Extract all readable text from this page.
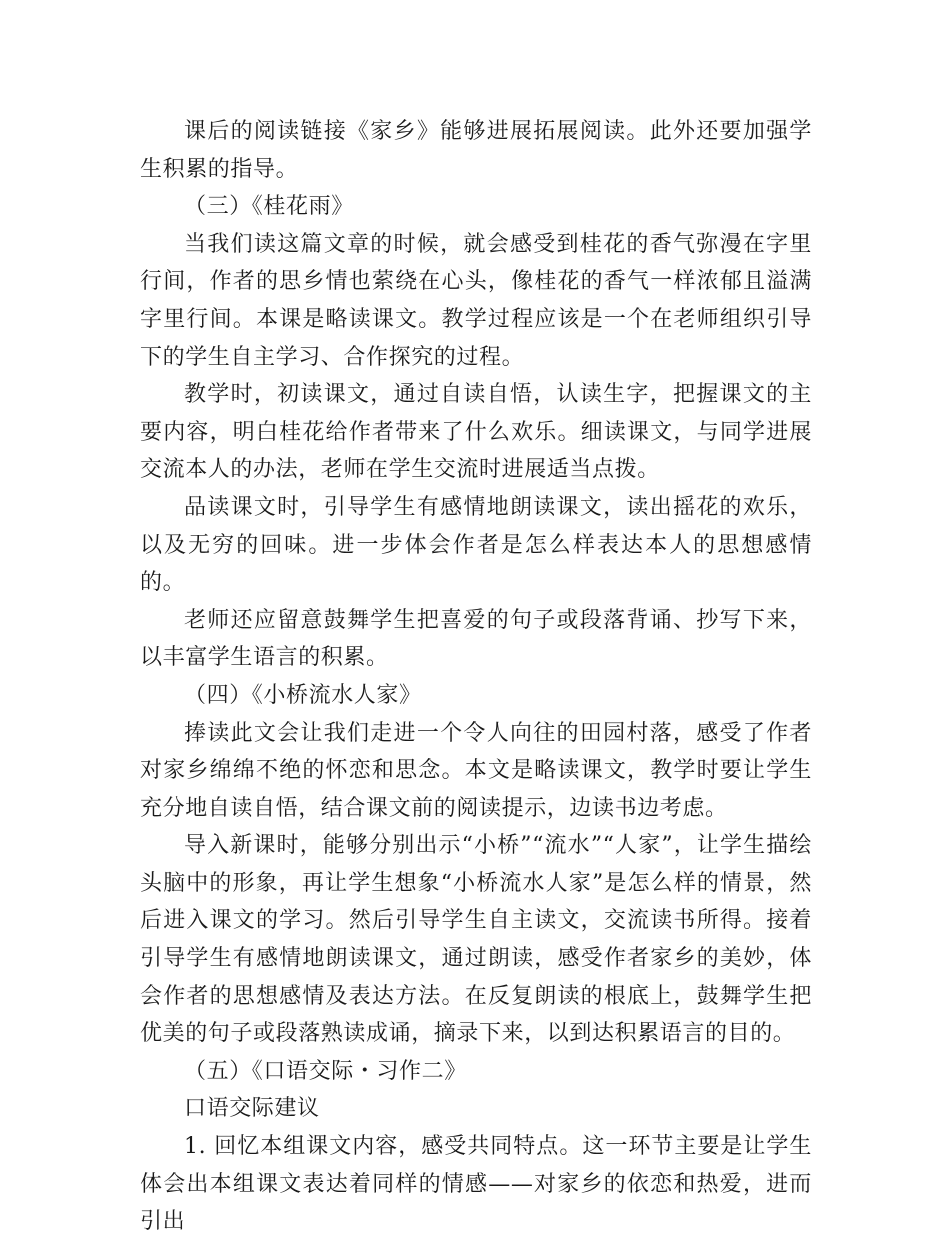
课后的阅读链接《家乡》能够进展拓展阅读。此外还要加强学生积累的指导。

（三）《桂花雨》

当我们读这篇文章的时候，就会感受到桂花的香气弥漫在字里行间，作者的思乡情也萦绕在心头，像桂花的香气一样浓郁且溢满字里行间。本课是略读课文。教学过程应该是一个在老师组织引导下的学生自主学习、合作探究的过程。

教学时，初读课文，通过自读自悟，认读生字，把握课文的主要内容，明白桂花给作者带来了什么欢乐。细读课文，与同学进展交流本人的办法，老师在学生交流时进展适当点拨。

品读课文时，引导学生有感情地朗读课文，读出摇花的欢乐，以及无穷的回味。进一步体会作者是怎么样表达本人的思想感情的。

老师还应留意鼓舞学生把喜爱的句子或段落背诵、抄写下来，以丰富学生语言的积累。

（四）《小桥流水人家》

捧读此文会让我们走进一个令人向往的田园村落，感受了作者对家乡绵绵不绝的怀恋和思念。本文是略读课文，教学时要让学生充分地自读自悟，结合课文前的阅读提示，边读书边考虑。

导入新课时，能够分别出示“小桥”“流水”“人家”，让学生描绘头脑中的形象，再让学生想象“小桥流水人家”是怎么样的情景，然后进入课文的学习。然后引导学生自主读文，交流读书所得。接着引导学生有感情地朗读课文，通过朗读，感受作者家乡的美妙，体会作者的思想感情及表达方法。在反复朗读的根底上，鼓舞学生把优美的句子或段落熟读成诵，摘录下来，以到达积累语言的目的。

（五）《口语交际・习作二》

口语交际建议

1. 回忆本组课文内容，感受共同特点。这一环节主要是让学生体会出本组课文表达着同样的情感——对家乡的依恋和热爱，进而引出
